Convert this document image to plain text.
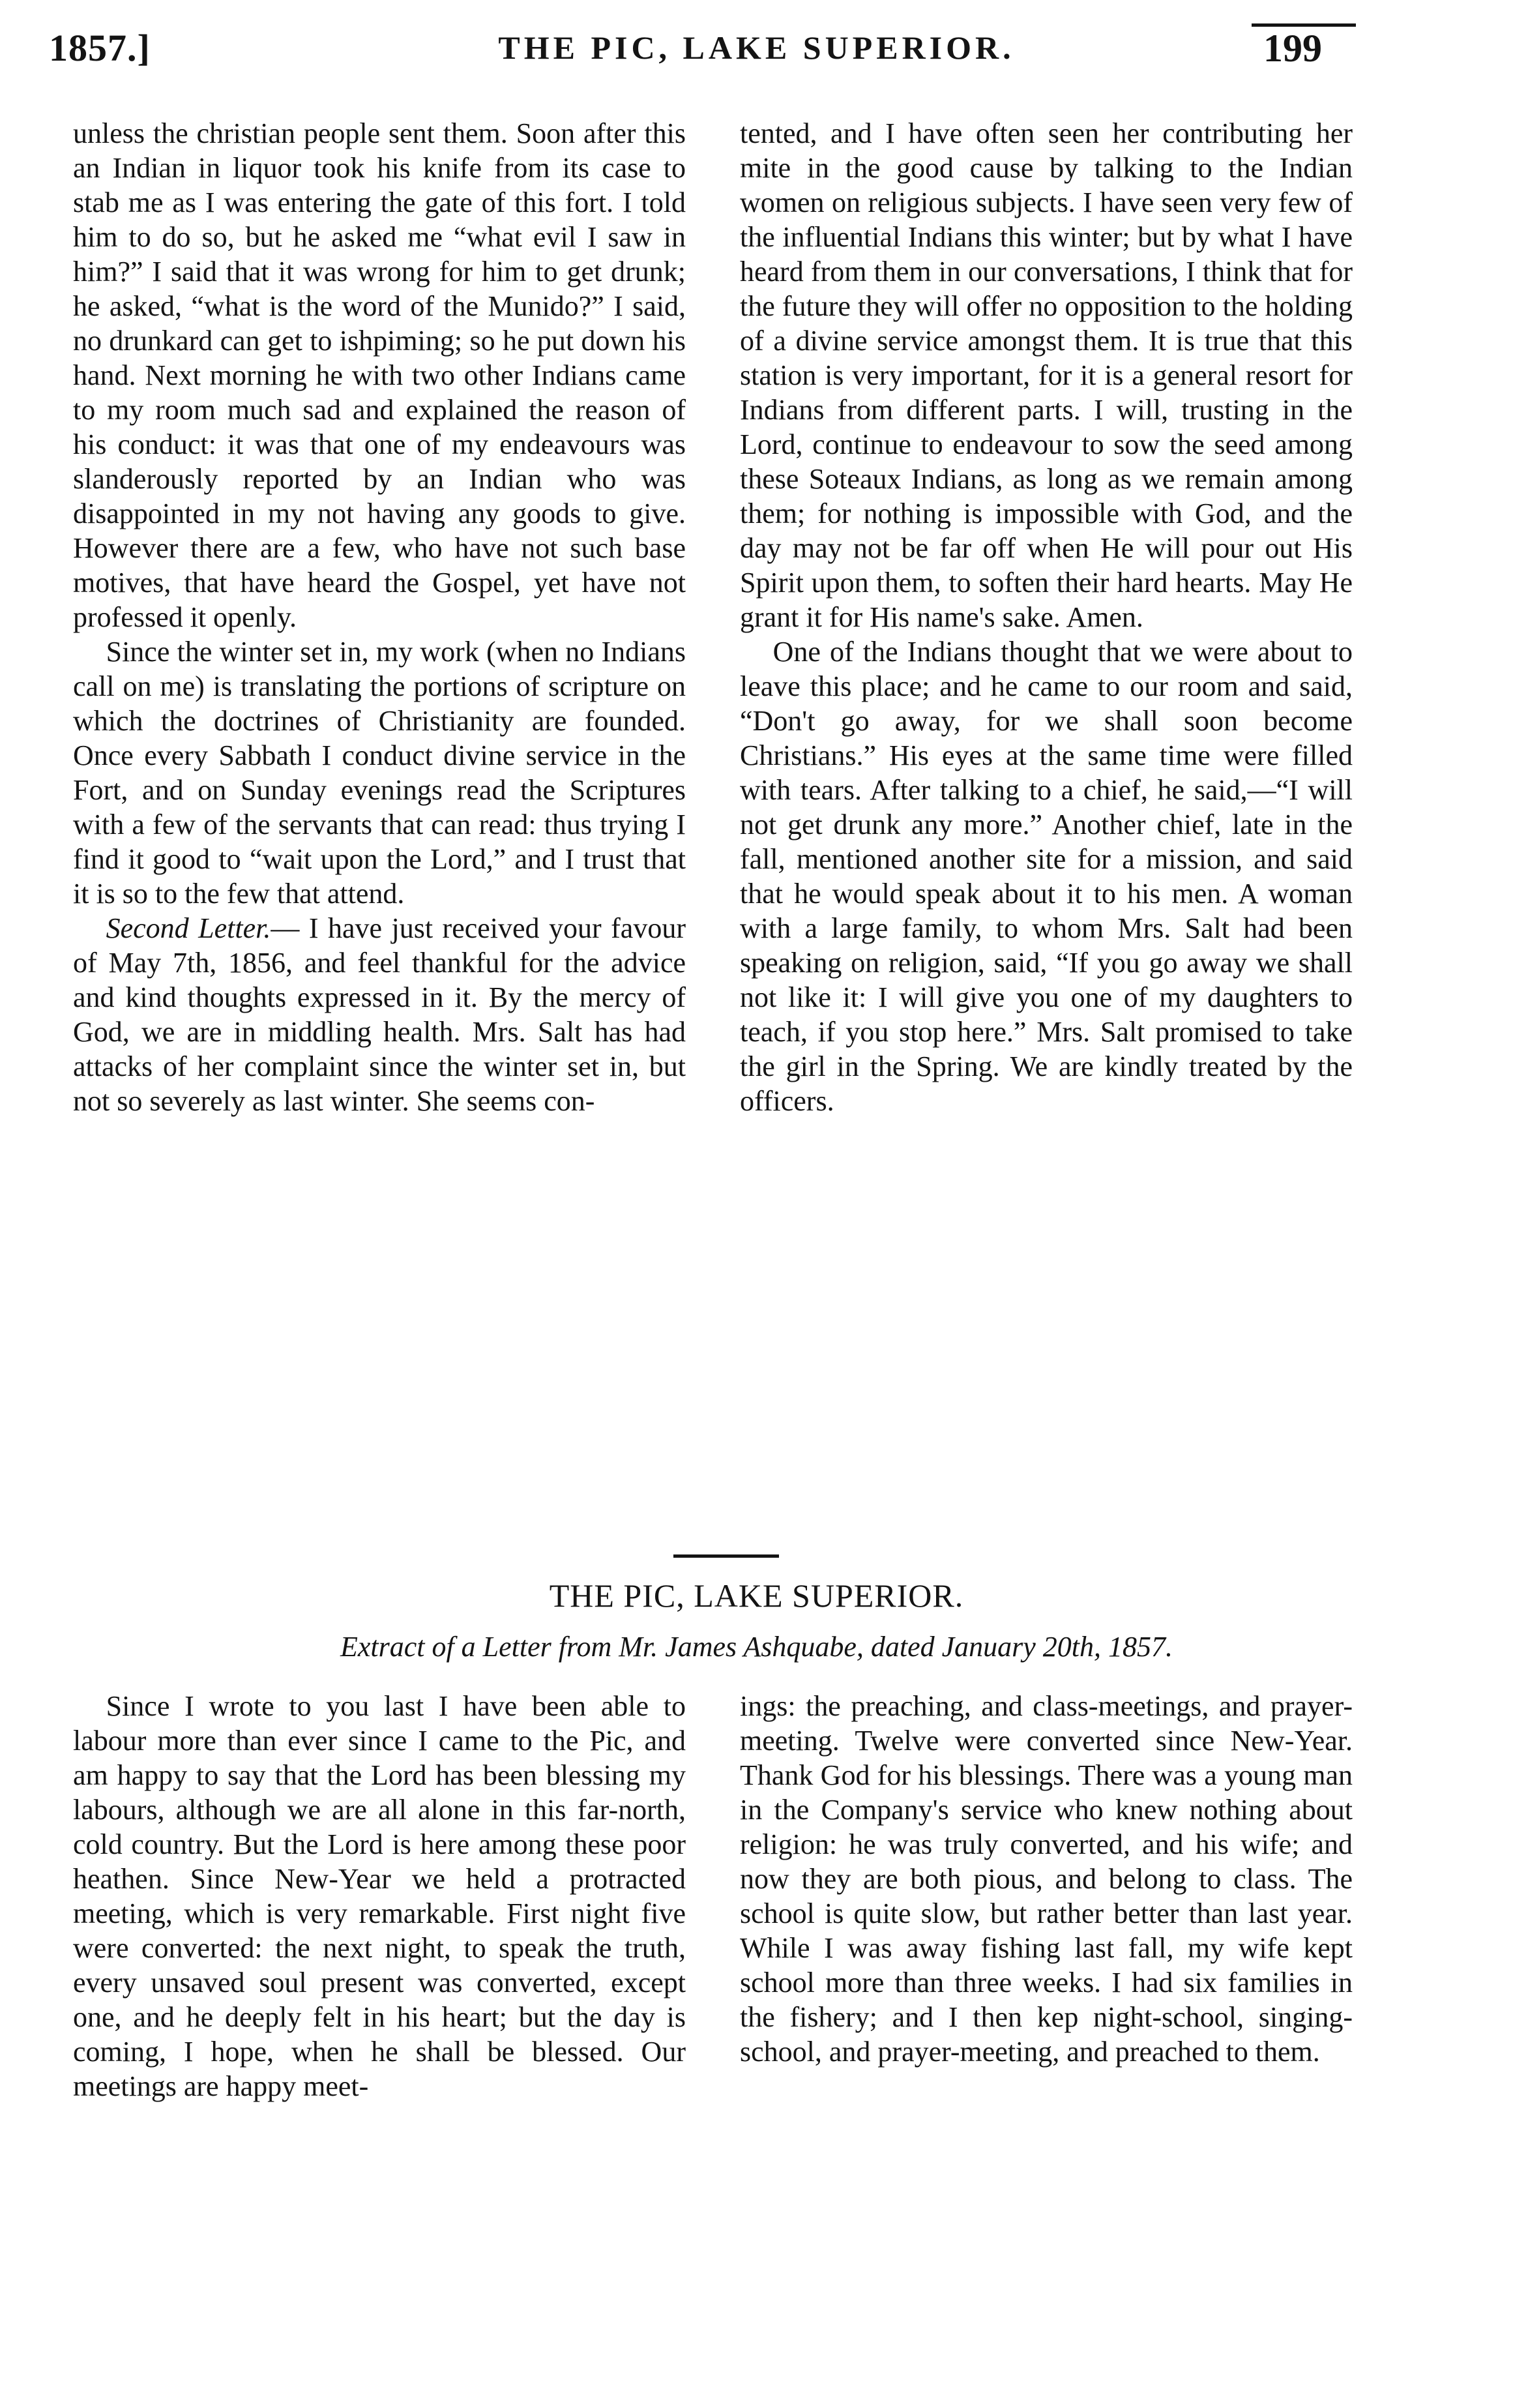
1857.]	THE PIC, LAKE SUPERIOR.	199

unless the christian people sent them. Soon after this an Indian in liquor took his knife from its case to stab me as I was entering the gate of this fort. I told him to do so, but he asked me “what evil I saw in him?” I said that it was wrong for him to get drunk; he asked, “what is the word of the Munido?” I said, no drunkard can get to ishpiming; so he put down his hand. Next morning he with two other Indians came to my room much sad and explained the reason of his conduct: it was that one of my endeavours was slanderously reported by an Indian who was disappointed in my not having any goods to give. However there are a few, who have not such base motives, that have heard the Gospel, yet have not professed it openly.

Since the winter set in, my work (when no Indians call on me) is translating the portions of scripture on which the doctrines of Christianity are founded. Once every Sabbath I conduct divine service in the Fort, and on Sunday evenings read the Scriptures with a few of the servants that can read: thus trying I find it good to “wait upon the Lord,” and I trust that it is so to the few that attend.

Second Letter.— I have just received your favour of May 7th, 1856, and feel thankful for the advice and kind thoughts expressed in it. By the mercy of God, we are in middling health. Mrs. Salt has had attacks of her complaint since the winter set in, but not so severely as last winter. She seems con-

tented, and I have often seen her contributing her mite in the good cause by talking to the Indian women on religious subjects. I have seen very few of the influential Indians this winter; but by what I have heard from them in our conversations, I think that for the future they will offer no opposition to the holding of a divine service amongst them. It is true that this station is very important, for it is a general resort for Indians from different parts. I will, trusting in the Lord, continue to endeavour to sow the seed among these Soteaux Indians, as long as we remain among them; for nothing is impossible with God, and the day may not be far off when He will pour out His Spirit upon them, to soften their hard hearts. May He grant it for His name's sake. Amen.

One of the Indians thought that we were about to leave this place; and he came to our room and said, “Don't go away, for we shall soon become Christians.” His eyes at the same time were filled with tears. After talking to a chief, he said,—“I will not get drunk any more.” Another chief, late in the fall, mentioned another site for a mission, and said that he would speak about it to his men. A woman with a large family, to whom Mrs. Salt had been speaking on religion, said, “If you go away we shall not like it: I will give you one of my daughters to teach, if you stop here.” Mrs. Salt promised to take the girl in the Spring. We are kindly treated by the officers.

THE PIC, LAKE SUPERIOR.
Extract of a Letter from Mr. James Ashquabe, dated January 20th, 1857.

Since I wrote to you last I have been able to labour more than ever since I came to the Pic, and am happy to say that the Lord has been blessing my labours, although we are all alone in this far-north, cold country. But the Lord is here among these poor heathen. Since New-Year we held a protracted meeting, which is very remarkable. First night five were converted: the next night, to speak the truth, every unsaved soul present was converted, except one, and he deeply felt in his heart; but the day is coming, I hope, when he shall be blessed. Our meetings are happy meet-

ings: the preaching, and class-meetings, and prayer-meeting. Twelve were converted since New-Year. Thank God for his blessings. There was a young man in the Company's service who knew nothing about religion: he was truly converted, and his wife; and now they are both pious, and belong to class. The school is quite slow, but rather better than last year. While I was away fishing last fall, my wife kept school more than three weeks. I had six families in the fishery; and I then kep night-school, singing-school, and prayer-meeting, and preached to them.
